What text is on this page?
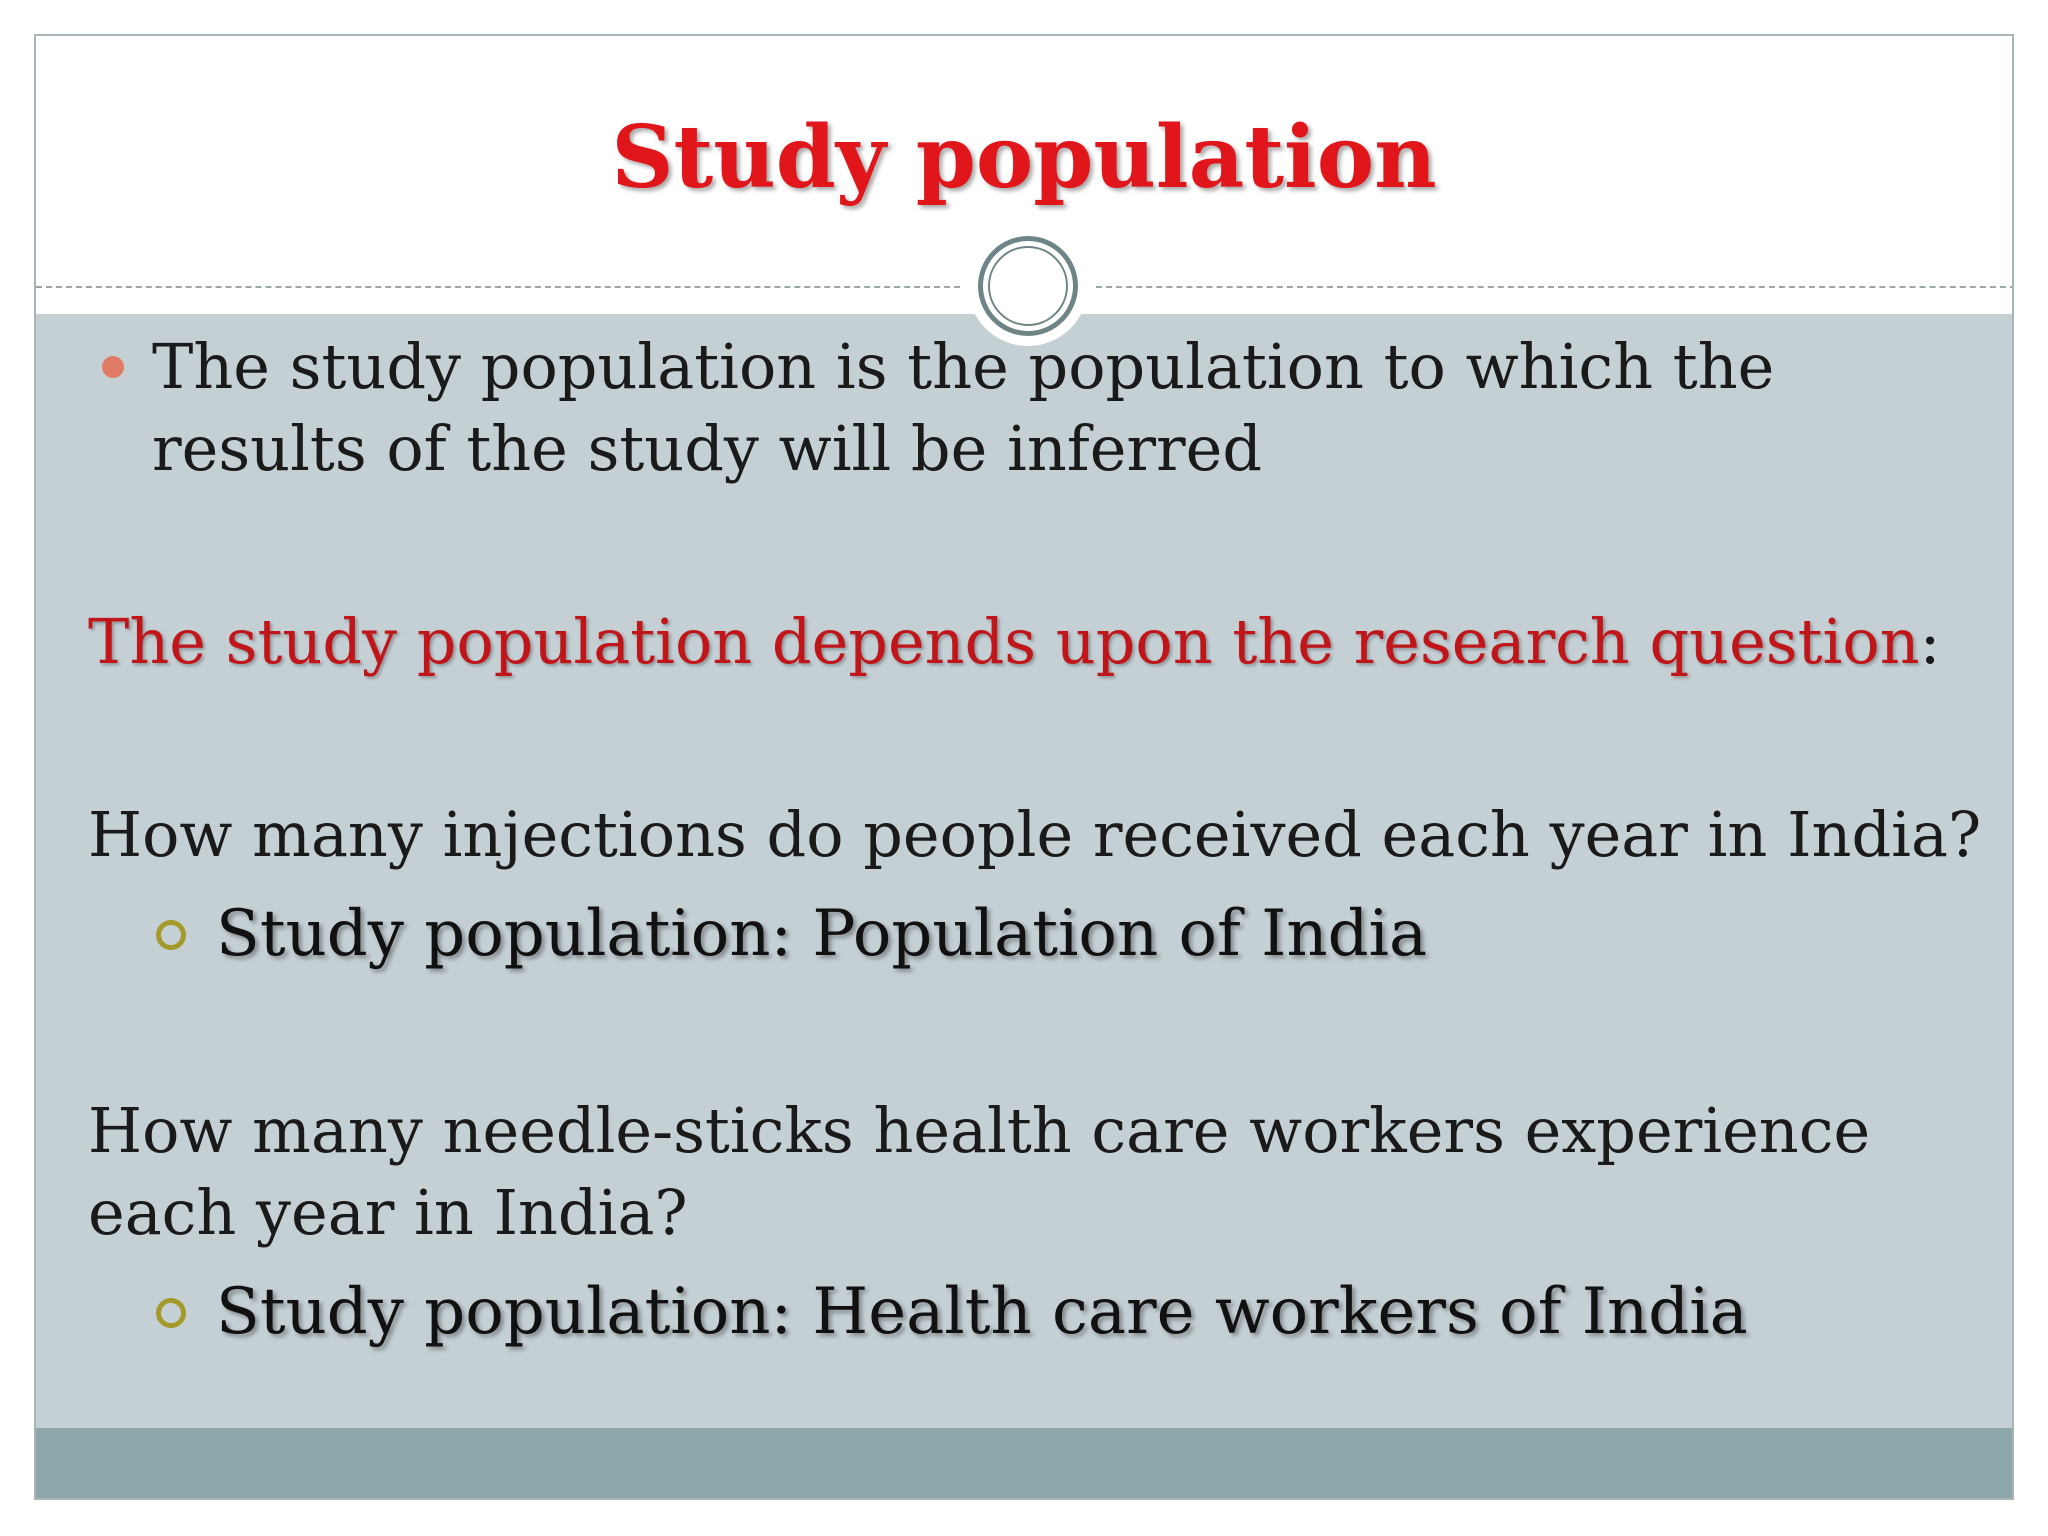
Study population

The study population is the population to which the results of the study will be inferred

The study population depends upon the research question:

How many injections do people received each year in India?

Study population: Population of India

How many needle-sticks health care workers experience each year in India?

Study population: Health care workers of India
